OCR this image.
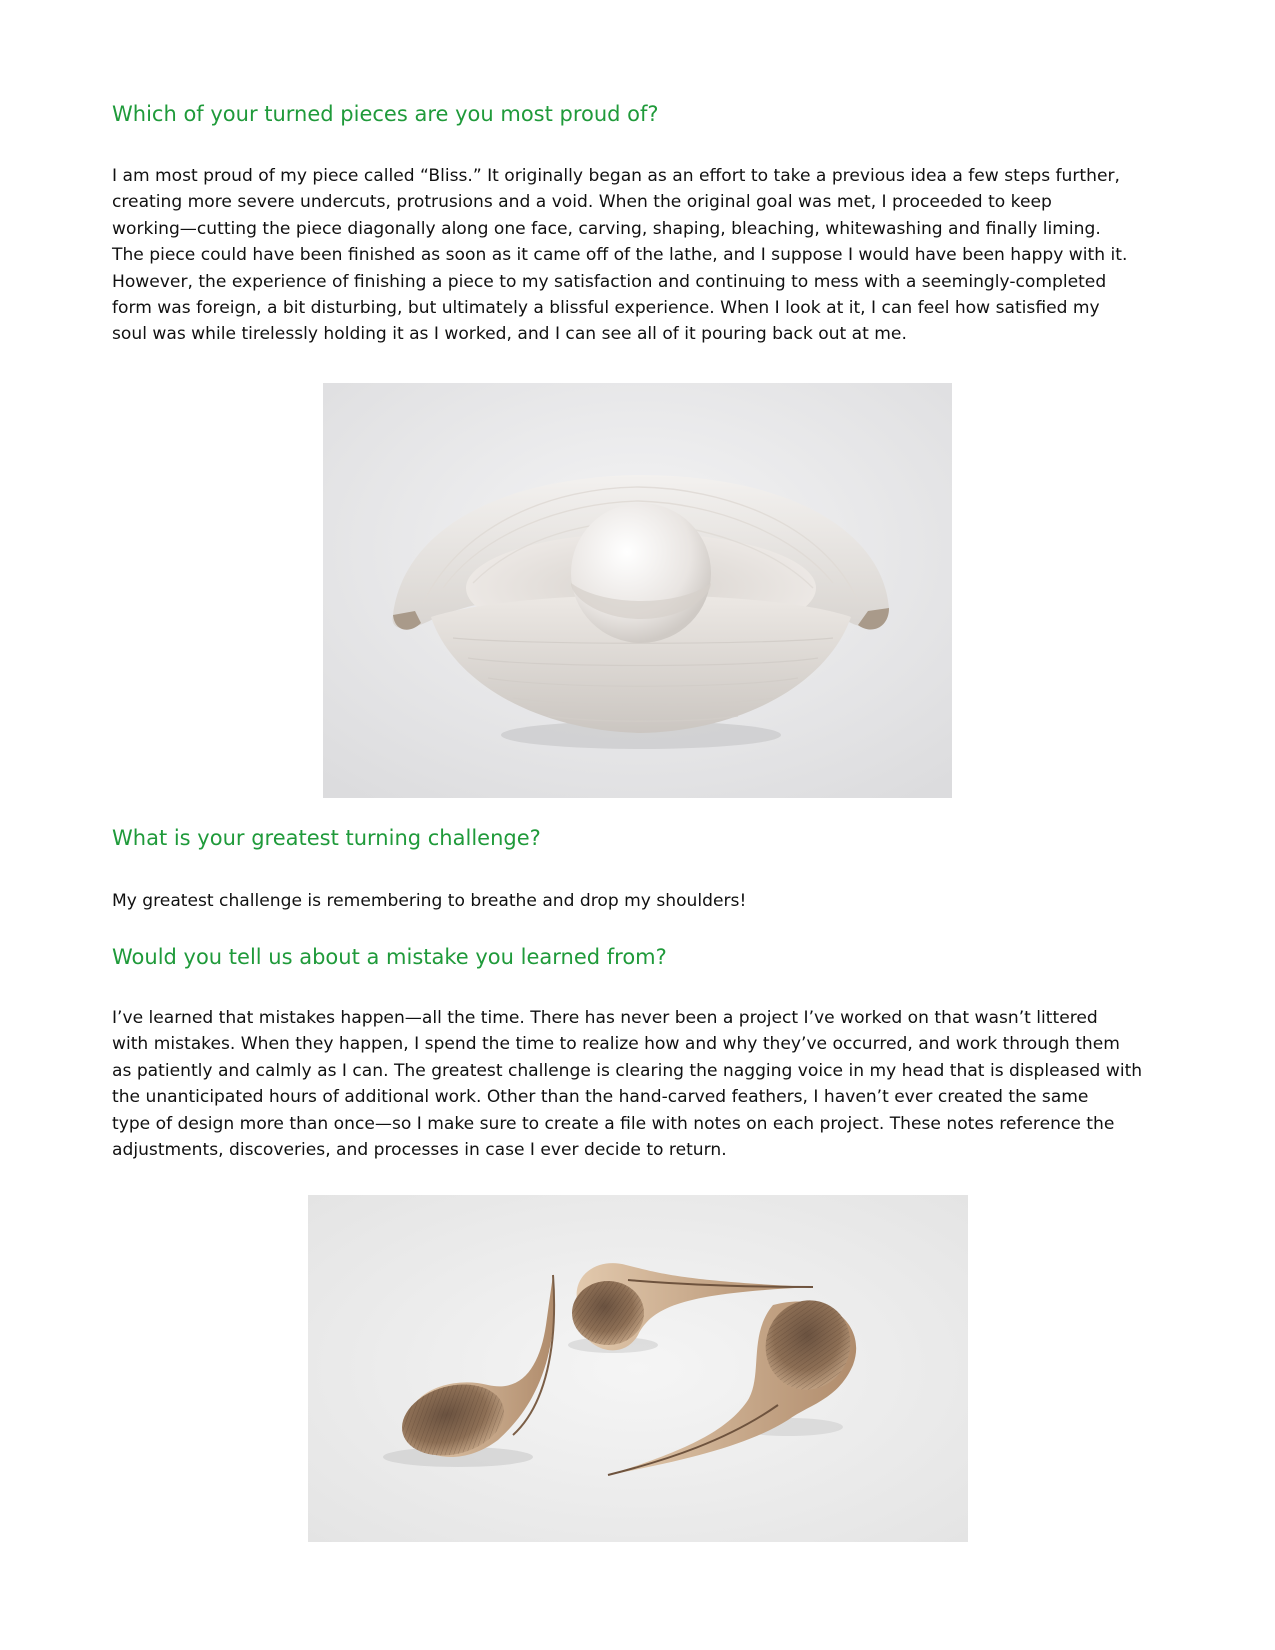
Which of your turned pieces are you most proud of?
I am most proud of my piece called “Bliss.” It originally began as an effort to take a previous idea a few steps further,
creating more severe undercuts, protrusions and a void. When the original goal was met, I proceeded to keep
working—cutting the piece diagonally along one face, carving, shaping, bleaching, whitewashing and finally liming.
The piece could have been finished as soon as it came off of the lathe, and I suppose I would have been happy with it.
However, the experience of finishing a piece to my satisfaction and continuing to mess with a seemingly-completed
form was foreign, a bit disturbing, but ultimately a blissful experience. When I look at it, I can feel how satisfied my
soul was while tirelessly holding it as I worked, and I can see all of it pouring back out at me.
What is your greatest turning challenge?
My greatest challenge is remembering to breathe and drop my shoulders!
Would you tell us about a mistake you learned from?
I’ve learned that mistakes happen—all the time. There has never been a project I’ve worked on that wasn’t littered
with mistakes. When they happen, I spend the time to realize how and why they’ve occurred, and work through them
as patiently and calmly as I can. The greatest challenge is clearing the nagging voice in my head that is displeased with
the unanticipated hours of additional work. Other than the hand-carved feathers, I haven’t ever created the same
type of design more than once—so I make sure to create a file with notes on each project. These notes reference the
adjustments, discoveries, and processes in case I ever decide to return.
